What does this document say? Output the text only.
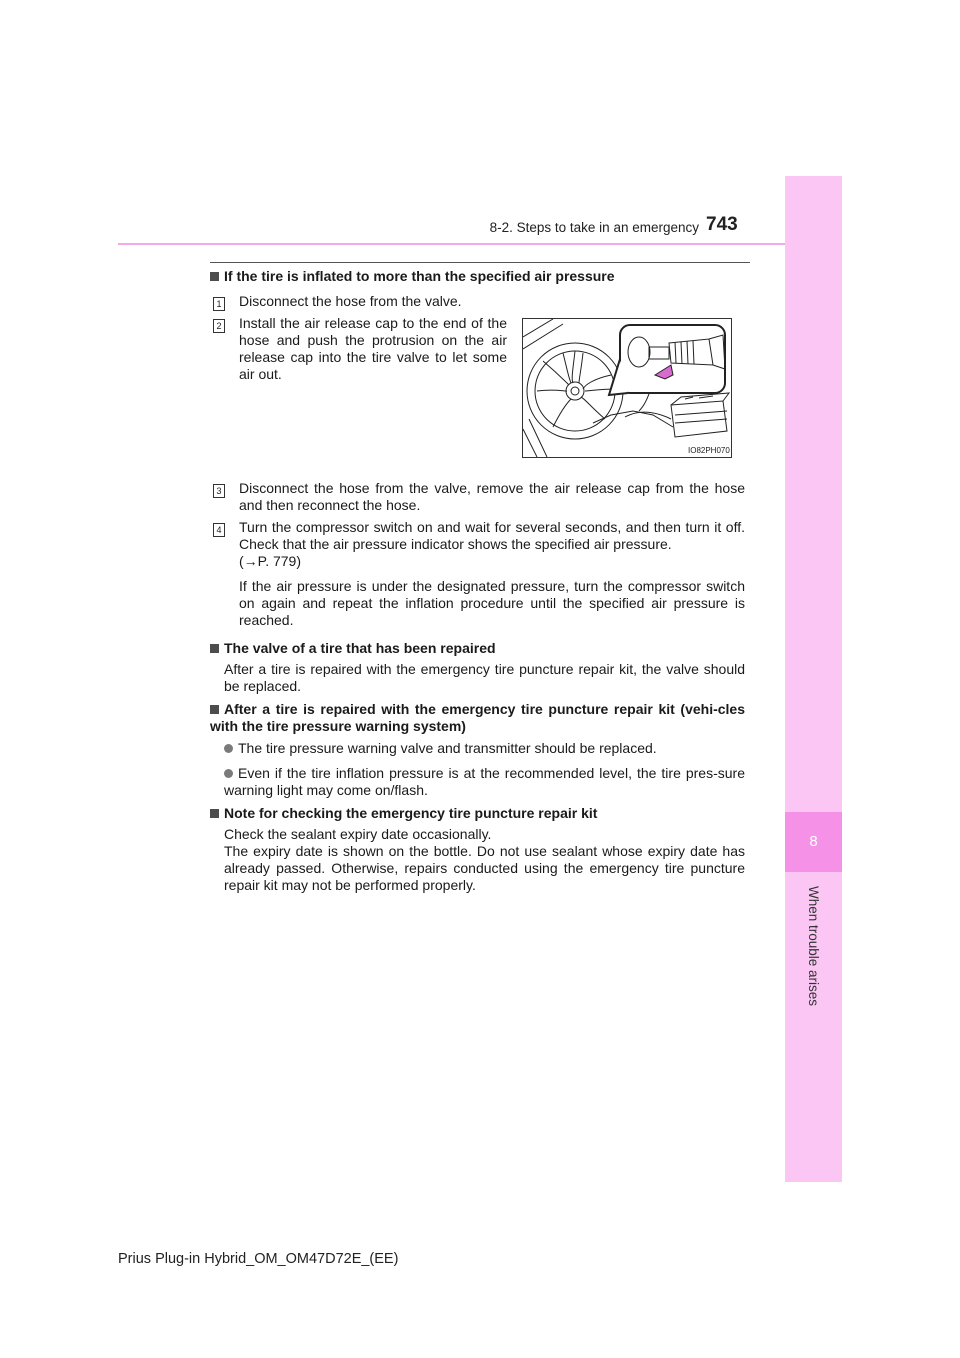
8
When trouble arises
8-2. Steps to take in an emergency 743
If the tire is inflated to more than the specified air pressure
1 Disconnect the hose from the valve.
2 Install the air release cap to the end of the hose and push the protrusion on the air release cap into the tire valve to let some air out.
IO82PH070
3 Disconnect the hose from the valve, remove the air release cap from the hose and then reconnect the hose.
4 Turn the compressor switch on and wait for several seconds, and then turn it off. Check that the air pressure indicator shows the specified air pressure.
(→P. 779)
If the air pressure is under the designated pressure, turn the compressor switch on again and repeat the inflation procedure until the specified air pressure is reached.
The valve of a tire that has been repaired
After a tire is repaired with the emergency tire puncture repair kit, the valve should be replaced.
After a tire is repaired with the emergency tire puncture repair kit (vehi-cles with the tire pressure warning system)
The tire pressure warning valve and transmitter should be replaced.
Even if the tire inflation pressure is at the recommended level, the tire pres-sure warning light may come on/flash.
Note for checking the emergency tire puncture repair kit
Check the sealant expiry date occasionally.
The expiry date is shown on the bottle. Do not use sealant whose expiry date has already passed. Otherwise, repairs conducted using the emergency tire puncture repair kit may not be performed properly.
Prius Plug-in Hybrid_OM_OM47D72E_(EE)
